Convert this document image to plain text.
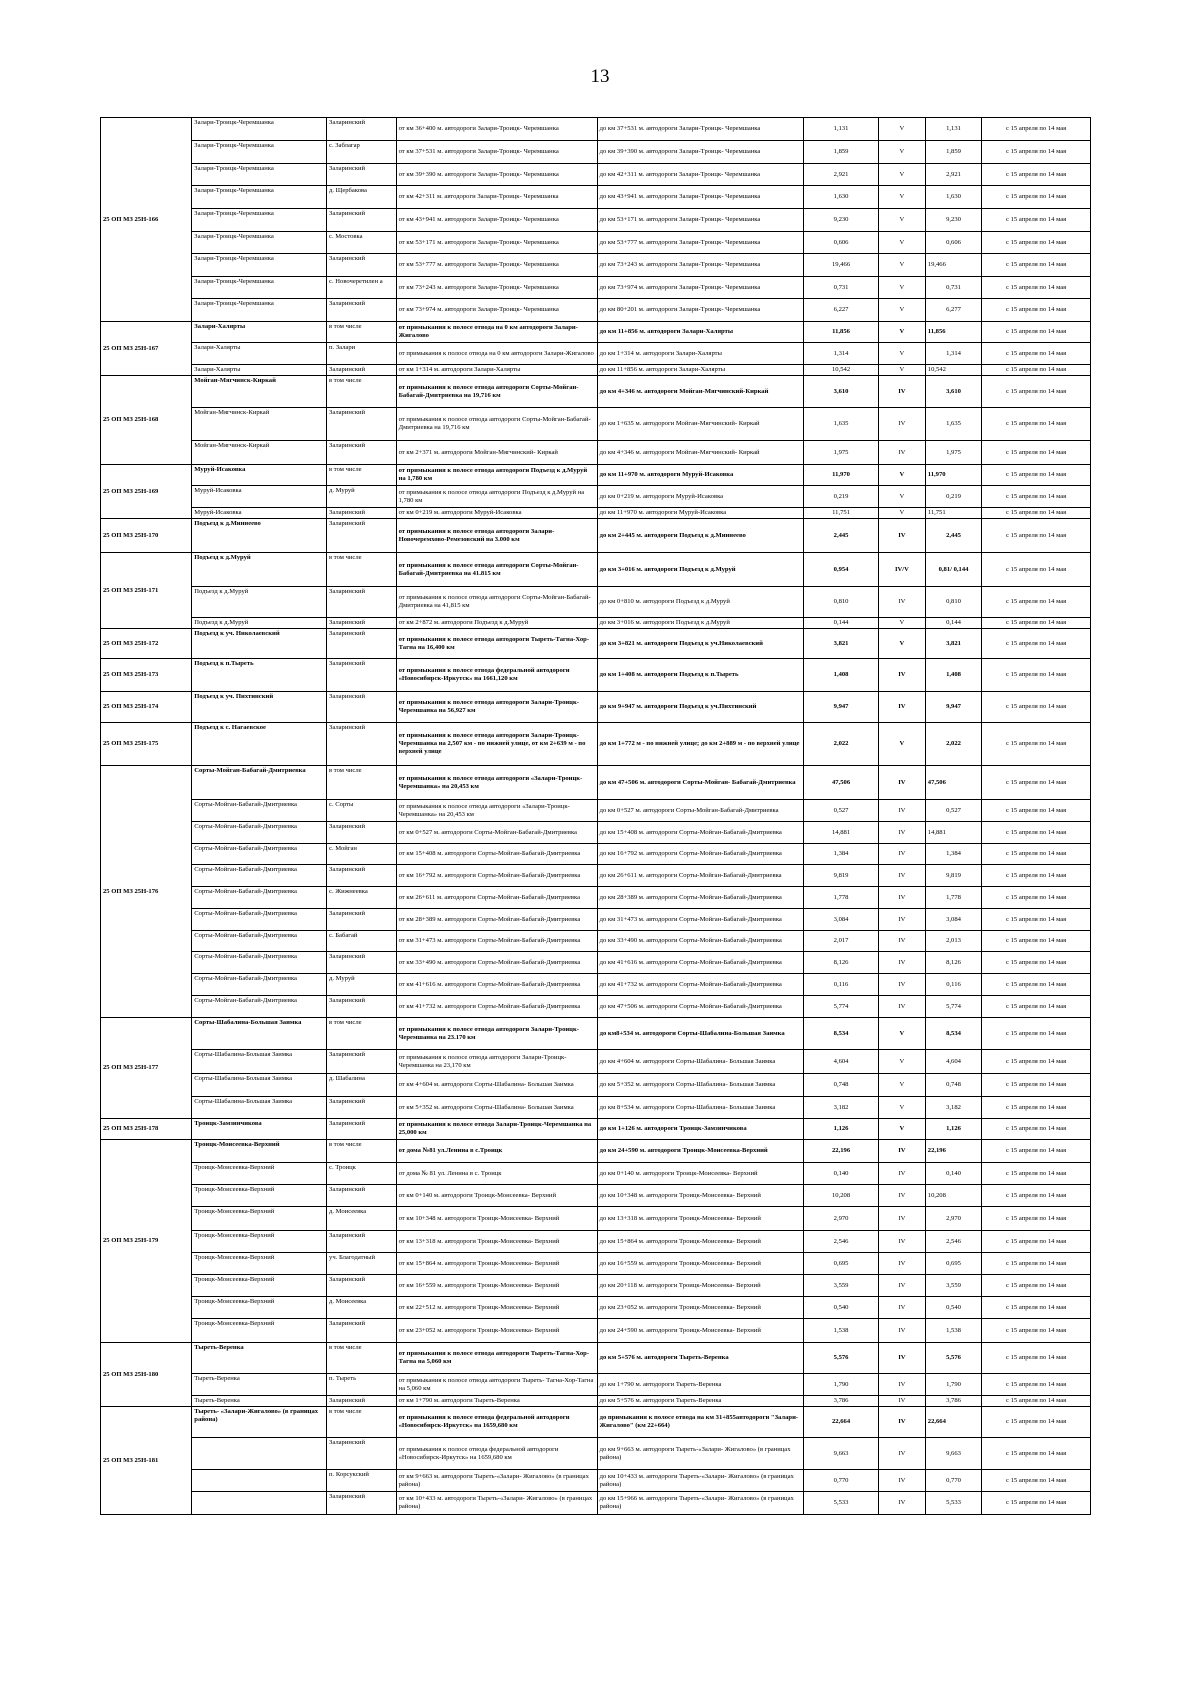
13
25 ОП МЗ 25Н-166	Залари-Троицк-Черемшанка	Заларинский	от км 36+400 м. автодороги Залари-Троицк- Черемшанка	до км 37+531 м. автодороги Залари-Троицк- Черемшанка	1,131	V	1,131	с 15 апреля по 14 мая
	Залари-Троицк-Черемшанка	с. Заблагар	от км 37+531 м. автодороги Залари-Троицк- Черемшанка	до км 39+390 м. автодороги Залари-Троицк- Черемшанка	1,859	V	1,859	с 15 апреля по 14 мая
	Залари-Троицк-Черемшанка	Заларинский	от км 39+390 м. автодороги Залари-Троицк- Черемшанка	до км 42+311 м. автодороги Залари-Троицк- Черемшанка	2,921	V	2,921	с 15 апреля по 14 мая
	Залари-Троицк-Черемшанка	д. Щербакова	от км 42+311 м. автодороги Залари-Троицк- Черемшанка	до км 43+941 м. автодороги Залари-Троицк- Черемшанка	1,630	V	1,630	с 15 апреля по 14 мая
	Залари-Троицк-Черемшанка	Заларинский	от км 43+941 м. автодороги Залари-Троицк- Черемшанка	до км 53+171 м. автодороги Залари-Троицк- Черемшанка	9,230	V	9,230	с 15 апреля по 14 мая
	Залари-Троицк-Черемшанка	с. Мостовка	от км 53+171 м. автодороги Залари-Троицк- Черемшанка	до км 53+777 м. автодороги Залари-Троицк- Черемшанка	0,606	V	0,606	с 15 апреля по 14 мая
	Залари-Троицк-Черемшанка	Заларинский	от км 53+777 м. автодороги Залари-Троицк- Черемшанка	до км 73+243 м. автодороги Залари-Троицк- Черемшанка	19,466	V	19,466	с 15 апреля по 14 мая
	Залари-Троицк-Черемшанка	с. Новочеретилен а	от км 73+243 м. автодороги Залари-Троицк- Черемшанка	до км 73+974 м. автодороги Залари-Троицк- Черемшанка	0,731	V	0,731	с 15 апреля по 14 мая
	Залари-Троицк-Черемшанка	Заларинский	от км 73+974 м. автодороги Залари-Троицк- Черемшанка	до км 80+201 м. автодороги Залари-Троицк- Черемшанка	6,227	V	6,277	с 15 апреля по 14 мая
25 ОП МЗ 25Н-167	Залари-Халярты	в том числе	от примыкания к полосе отвода на 0 км автодороги Залари-Жигалово	до км 11+856 м. автодороги Залари-Халярты	11,856	V	11,856	с 15 апреля по 14 мая
	Залари-Халярты	п. Залари	от примыкания к полосе отвода на 0 км автодороги Залари-Жигалово	до км 1+314 м. автодороги Залари-Халярты	1,314	V	1,314	с 15 апреля по 14 мая
	Залари-Халярты	Заларинский	от км 1+314 м. автодороги Залари-Халярты	до км 11+856 м. автодороги Залари-Халярты	10,542	V	10,542	с 15 апреля по 14 мая
25 ОП МЗ 25Н-168	Мойган-Мягчинск-Киркай	в том числе	от примыкания к полосе отвода автодороги Сорты-Мойган-Бабагай-Дмитриевка на 19,716 км	до км 4+346 м. автодороги Мойган-Мягчинский-Киркай	3,610	IV	3,610	с 15 апреля по 14 мая
	Мойган-Мягчинск-Киркай	Заларинский	от примыкания к полосе отвода автодороги Сорты-Мойган-Бабагай-Дмитриевка на 19,716 км	до км 1+635 м. автодороги Мойган-Мягчинский- Киркай	1,635	IV	1,635	с 15 апреля по 14 мая
	Мойган-Мягчинск-Киркай	Заларинский	от км 2+371 м. автодороги Мойган-Мягчинский- Киркай	до км 4+346 м. автодороги Мойган-Мягчинский- Киркай	1,975	IV	1,975	с 15 апреля по 14 мая
25 ОП МЗ 25Н-169	Муруй-Исаковка	в том числе	от примыкания к полосе отвода автодороги Подъезд к д.Муруй на 1,780 км	до км 11+970 м. автодороги Муруй-Исаковка	11,970	V	11,970	с 15 апреля по 14 мая
	Муруй-Исаковка	д. Муруй	от примыкания к полосе отвода автодороги Подъезд к д.Муруй на 1,780 км	до км 0+219 м. автодороги Муруй-Исаковка	0,219	V	0,219	с 15 апреля по 14 мая
	Муруй-Исаковка	Заларинский	от км 0+219 м. автодороги Муруй-Исаковка	до км 11+970 м. автодороги Муруй-Исаковка	11,751	V	11,751	с 15 апреля по 14 мая
25 ОП МЗ 25Н-170	Подъезд к д.Миннеево	Заларинский	от примыкания к полосе отвода автодороги Залари-Новочеремхово-Ремезовский на 3.000 км	до км 2+445 м. автодороги Подъезд к д.Миннеево	2,445	IV	2,445	с 15 апреля по 14 мая
25 ОП МЗ 25Н-171	Подъезд к д.Муруй	в том числе	от примыкания к полосе отвода автодороги Сорты-Мойган-Бабагай-Дмитриевка на 41.815 км	до км 3+016 м. автодороги Подъезд к д.Муруй	0,954	IV/V	0,81/ 0,144	с 15 апреля по 14 мая
	Подъезд к д.Муруй	Заларинский	от примыкания к полосе отвода автодороги Сорты-Мойган-Бабагай-Дмитриевка на 41,815 км	до км 0+810 м. автодороги Подъезд к д.Муруй	0,810	IV	0,810	с 15 апреля по 14 мая
	Подъезд к д.Муруй	Заларинский	от км 2+872 м. автодороги Подъезд к д.Муруй	до км 3+016 м. автодороги Подъезд к д.Муруй	0,144	V	0,144	с 15 апреля по 14 мая
25 ОП МЗ 25Н-172	Подъезд к уч. Николаевский	Заларинский	от примыкания к полосе отвода автодороги Тыреть-Тагна-Хор-Тагна на 16,400 км	до км 3+821 м. автодороги Подъезд к уч.Николаевский	3,821	V	3,821	с 15 апреля по 14 мая
25 ОП МЗ 25Н-173	Подъезд к п.Тыреть	Заларинский	от примыкания к полосе отвода федеральной автодороги «Новосибирск-Иркутск» на 1661,120 км	до км 1+408 м. автодороги Подъезд к п.Тыреть	1,408	IV	1,408	с 15 апреля по 14 мая
25 ОП МЗ 25Н-174	Подъезд к уч. Пихтинский	Заларинский	от примыкания к полосе отвода автодороги Залари-Троицк-Черемшанка на 56,927 км	до км 9+947 м. автодороги Подъезд к уч.Пихтинский	9,947	IV	9,947	с 15 апреля по 14 мая
25 ОП МЗ 25Н-175	Подъезд к с. Нагаевское	Заларинский	от примыкания к полосе отвода автодороги Залари-Троицк-Черемшанка на 2,507 км - по нижней улице, от км 2+639 м - по верхней улице	до км 1+772 м - по нижней улице; до км 2+889 м - по верхней улице	2,022	V	2,022	с 15 апреля по 14 мая
25 ОП МЗ 25Н-176	Сорты-Мойган-Бабагай-Дмитриевка	в том числе	от примыкания к полосе отвода автодороги «Залари-Троицк-Черемшанка» на 20,453 км	до км 47+506 м. автодороги Сорты-Мойган- Бабагай-Дмитриевка	47,506	IV	47,506	с 15 апреля по 14 мая
	Сорты-Мойган-Бабагай-Дмитриевка	с. Сорты	от примыкания к полосе отвода автодороги «Залари-Троицк-Черемшанка» на 20,453 км	до км 0+527 м. автодороги Сорты-Мойган-Бабагай-Дмитриевка	0,527	IV	0,527	с 15 апреля по 14 мая
	Сорты-Мойган-Бабагай-Дмитриевка	Заларинский	от км 0+527 м. автодороги Сорты-Мойган-Бабагай-Дмитриевка	до км 15+408 м. автодороги Сорты-Мойган-Бабагай-Дмитриевка	14,881	IV	14,881	с 15 апреля по 14 мая
	Сорты-Мойган-Бабагай-Дмитриевка	с. Мойган	от км 15+408 м. автодороги Сорты-Мойган-Бабагай-Дмитриевка	до км 16+792 м. автодороги Сорты-Мойган-Бабагай-Дмитриевка	1,384	IV	1,384	с 15 апреля по 14 мая
	Сорты-Мойган-Бабагай-Дмитриевка	Заларинский	от км 16+792 м. автодороги Сорты-Мойган-Бабагай-Дмитриевка	до км 26+611 м. автодороги Сорты-Мойган-Бабагай-Дмитриевка	9,819	IV	9,819	с 15 апреля по 14 мая
	Сорты-Мойган-Бабагай-Дмитриевка	с. Жижнеевка	от км 26+611 м. автодороги Сорты-Мойган-Бабагай-Дмитриевка	до км 28+389 м. автодороги Сорты-Мойган-Бабагай-Дмитриевка	1,778	IV	1,778	с 15 апреля по 14 мая
	Сорты-Мойган-Бабагай-Дмитриевка	Заларинский	от км 28+389 м. автодороги Сорты-Мойган-Бабагай-Дмитриевка	до км 31+473 м. автодороги Сорты-Мойган-Бабагай-Дмитриевка	3,084	IV	3,084	с 15 апреля по 14 мая
	Сорты-Мойган-Бабагай-Дмитриевка	с. Бабагай	от км 31+473 м. автодороги Сорты-Мойган-Бабагай-Дмитриевка	до км 33+490 м. автодороги Сорты-Мойган-Бабагай-Дмитриевка	2,017	IV	2,013	с 15 апреля по 14 мая
	Сорты-Мойган-Бабагай-Дмитриевка	Заларинский	от км 33+490 м. автодороги Сорты-Мойган-Бабагай-Дмитриевка	до км 41+616 м. автодороги Сорты-Мойган-Бабагай-Дмитриевка	8,126	IV	8,126	с 15 апреля по 14 мая
	Сорты-Мойган-Бабагай-Дмитриевка	д. Муруй	от км 41+616 м. автодороги Сорты-Мойган-Бабагай-Дмитриевка	до км 41+732 м. автодороги Сорты-Мойган-Бабагай-Дмитриевка	0,116	IV	0,116	с 15 апреля по 14 мая
	Сорты-Мойган-Бабагай-Дмитриевка	Заларинский	от км 41+732 м. автодороги Сорты-Мойган-Бабагай-Дмитриевка	до км 47+506 м. автодороги Сорты-Мойган-Бабагай-Дмитриевка	5,774	IV	5,774	с 15 апреля по 14 мая
25 ОП МЗ 25Н-177	Сорты-Шабалина-Большая Заимка	в том числе	от примыкания к полосе отвода автодороги Залари-Троицк-Черемшанка на 23.170 км	до км8+534 м. автодороги Сорты-Шабалина-Большая Заимка	8,534	V	8,534	с 15 апреля по 14 мая
	Сорты-Шабалина-Большая Заимка	Заларинский	от примыкания к полосе отвода автодороги Залари-Троицк-Черемшанка на 23,170 км	до км 4+604 м. автодороги Сорты-Шабалина- Большая Заимка	4,604	V	4,604	с 15 апреля по 14 мая
	Сорты-Шабалина-Большая Заимка	д. Шабалина	от км 4+604 м. автодороги Сорты-Шабалина- Большая Заимка	до км 5+352 м. автодороги Сорты-Шабалина- Большая Заимка	0,748	V	0,748	с 15 апреля по 14 мая
	Сорты-Шабалина-Большая Заимка	Заларинский	от км 5+352 м. автодороги Сорты-Шабалина- Большая Заимка	до км 8+534 м. автодороги Сорты-Шабалина- Большая Заимка	3,182	V	3,182	с 15 апреля по 14 мая
25 ОП МЗ 25Н-178	Троицк-Замзинчикова	Заларинский	от примыкания к полосе отвода Залари-Троицк-Черемшанка на 25,000 км	до км 1+126 м. автодороги Троицк-Замзинчикова	1,126	V	1,126	с 15 апреля по 14 мая
25 ОП МЗ 25Н-179	Троицк-Моисеевка-Верхний	в том числе	от дома №81 ул.Ленина в с.Троицк	до км 24+590 м. автодороги Троицк-Моисеевка-Верхний	22,196	IV	22,196	с 15 апреля по 14 мая
	Троицк-Моисеевка-Верхний	с. Троицк	от дома № 81 ул. Ленина в с. Троицк	до км 0+140 м. автодороги Троицк-Моисеевка- Верхний	0,140	IV	0,140	с 15 апреля по 14 мая
	Троицк-Моисеевка-Верхний	Заларинский	от км 0+140 м. автодороги Троицк-Моисеевка- Верхний	до км 10+348 м. автодороги Троицк-Моисеевка- Верхний	10,208	IV	10,208	с 15 апреля по 14 мая
	Троицк-Моисеевка-Верхний	д. Моисеевка	от км 10+348 м. автодороги Троицк-Моисеевка- Верхний	до км 13+318 м. автодороги Троицк-Моисеевка- Верхний	2,970	IV	2,970	с 15 апреля по 14 мая
	Троицк-Моисеевка-Верхний	Заларинский	от км 13+318 м. автодороги Троицк-Моисеевка- Верхний	до км 15+864 м. автодороги Троицк-Моисеевка- Верхний	2,546	IV	2,546	с 15 апреля по 14 мая
	Троицк-Моисеевка-Верхний	уч. Благодатный	от км 15+864 м. автодороги Троицк-Моисеевка- Верхний	до км 16+559 м. автодороги Троицк-Моисеевка- Верхний	0,695	IV	0,695	с 15 апреля по 14 мая
	Троицк-Моисеевка-Верхний	Заларинский	от км 16+559 м. автодороги Троицк-Моисеевка- Верхний	до км 20+118 м. автодороги Троицк-Моисеевка- Верхний	3,559	IV	3,559	с 15 апреля по 14 мая
	Троицк-Моисеевка-Верхний	д. Моисеевка	от км 22+512 м. автодороги Троицк-Моисеевка- Верхний	до км 23+052 м. автодороги Троицк-Моисеевка- Верхний	0,540	IV	0,540	с 15 апреля по 14 мая
	Троицк-Моисеевка-Верхний	Заларинский	от км 23+052 м. автодороги Троицк-Моисеевка- Верхний	до км 24+590 м. автодороги Троицк-Моисеевка- Верхний	1,538	IV	1,538	с 15 апреля по 14 мая
25 ОП МЗ 25Н-180	Тыреть-Веренка	в том числе	от примыкания к полосе отвода автодороги Тыреть-Тагна-Хор-Тагна на 5,060 км	до км 5+576 м. автодороги Тыреть-Веренка	5,576	IV	5,576	с 15 апреля по 14 мая
	Тыреть-Веренка	п. Тыреть	от примыкания к полосе отвода автодороги Тыреть- Тагна-Хор-Тагна на 5,060 км	до км 1+790 м. автодороги Тыреть-Веренка	1,790	IV	1,790	с 15 апреля по 14 мая
	Тыреть-Веренка	Заларинский	от км 1+790 м. автодороги Тыреть-Веренка	до км 5+576 м. автодороги Тыреть-Веренка	3,786	IV	3,786	с 15 апреля по 14 мая
25 ОП МЗ 25Н-181	Тыреть- «Залари-Жигалово» (в границах района)	в том числе	от примыкания к полосе отвода федеральной автодороги «Новосибирск-Иркутск» на 1659,680 км	до примыкания к полосе отвода на км 31+855автодороги "Залари-Жигалово" (км 22+664)	22,664	IV	22,664	с 15 апреля по 14 мая
		Заларинский	от примыкания к полосе отвода федеральной автодороги «Новосибирск-Иркутск» на 1659,680 км	до км 9+663 м. автодороги Тыреть-«Залари- Жигалово» (в границах района)	9,663	IV	9,663	с 15 апреля по 14 мая
		п. Корсукский	от км 9+663 м. автодороги Тыреть-«Залари- Жигалово» (в границах района)	до км 10+433 м. автодороги Тыреть-«Залари- Жигалово» (в границах района)	0,770	IV	0,770	с 15 апреля по 14 мая
		Заларинский	от км 10+433 м. автодороги Тыреть-«Залари- Жигалово» (в границах района)	до км 15+966 м. автодороги Тыреть-«Залари- Жигалово» (в границах района)	5,533	IV	5,533	с 15 апреля по 14 мая
